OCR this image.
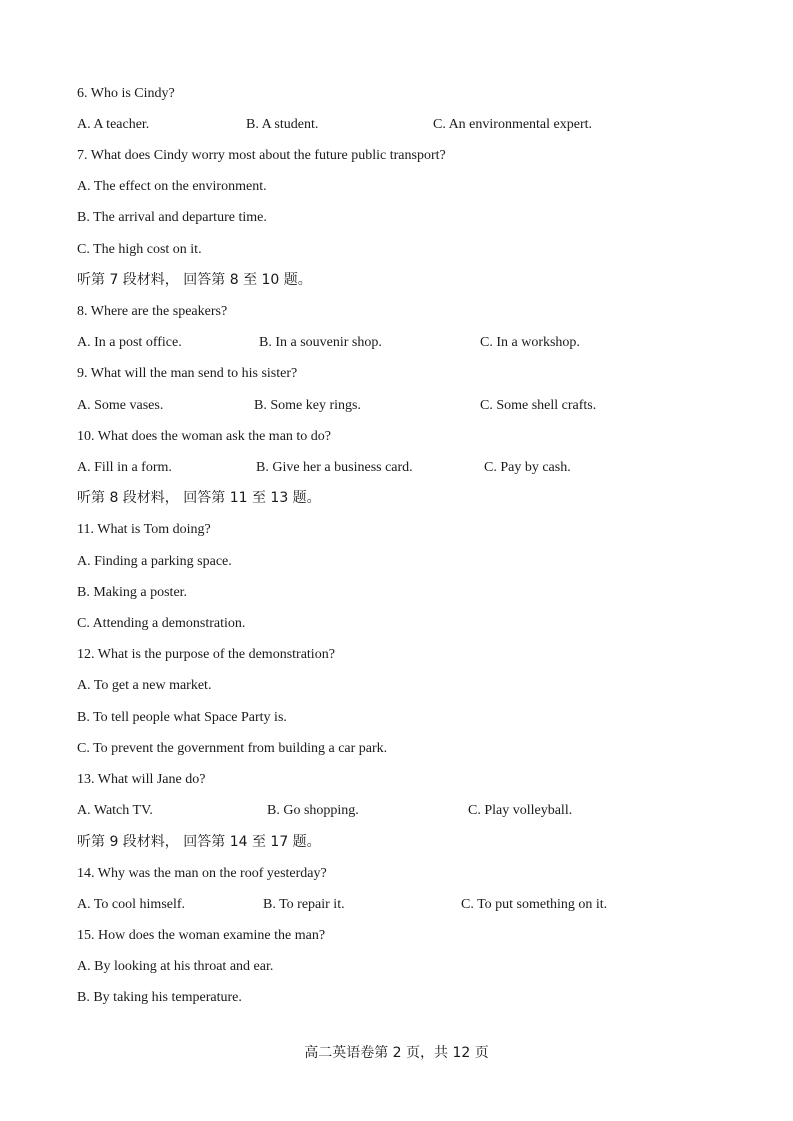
6. Who is Cindy?
A. A teacher.	B. A student.	C. An environmental expert.
7. What does Cindy worry most about the future public transport?
A. The effect on the environment.
B. The arrival and departure time.
C. The high cost on it.
听第 7 段材料， 回答第 8 至 10 题。
8. Where are the speakers?
A. In a post office.	B. In a souvenir shop.	C. In a workshop.
9. What will the man send to his sister?
A. Some vases.	B. Some key rings.	C. Some shell crafts.
10. What does the woman ask the man to do?
A. Fill in a form.	B. Give her a business card.	C. Pay by cash.
听第 8 段材料， 回答第 11 至 13 题。
11. What is Tom doing?
A. Finding a parking space.
B. Making a poster.
C. Attending a demonstration.
12. What is the purpose of the demonstration?
A. To get a new market.
B. To tell people what Space Party is.
C. To prevent the government from building a car park.
13. What will Jane do?
A. Watch TV.	B. Go shopping.	C. Play volleyball.
听第 9 段材料， 回答第 14 至 17 题。
14. Why was the man on the roof yesterday?
A. To cool himself.	B. To repair it.	C. To put something on it.
15. How does the woman examine the man?
A. By looking at his throat and ear.
B. By taking his temperature.
高二英语卷第 2 页，共 12 页
